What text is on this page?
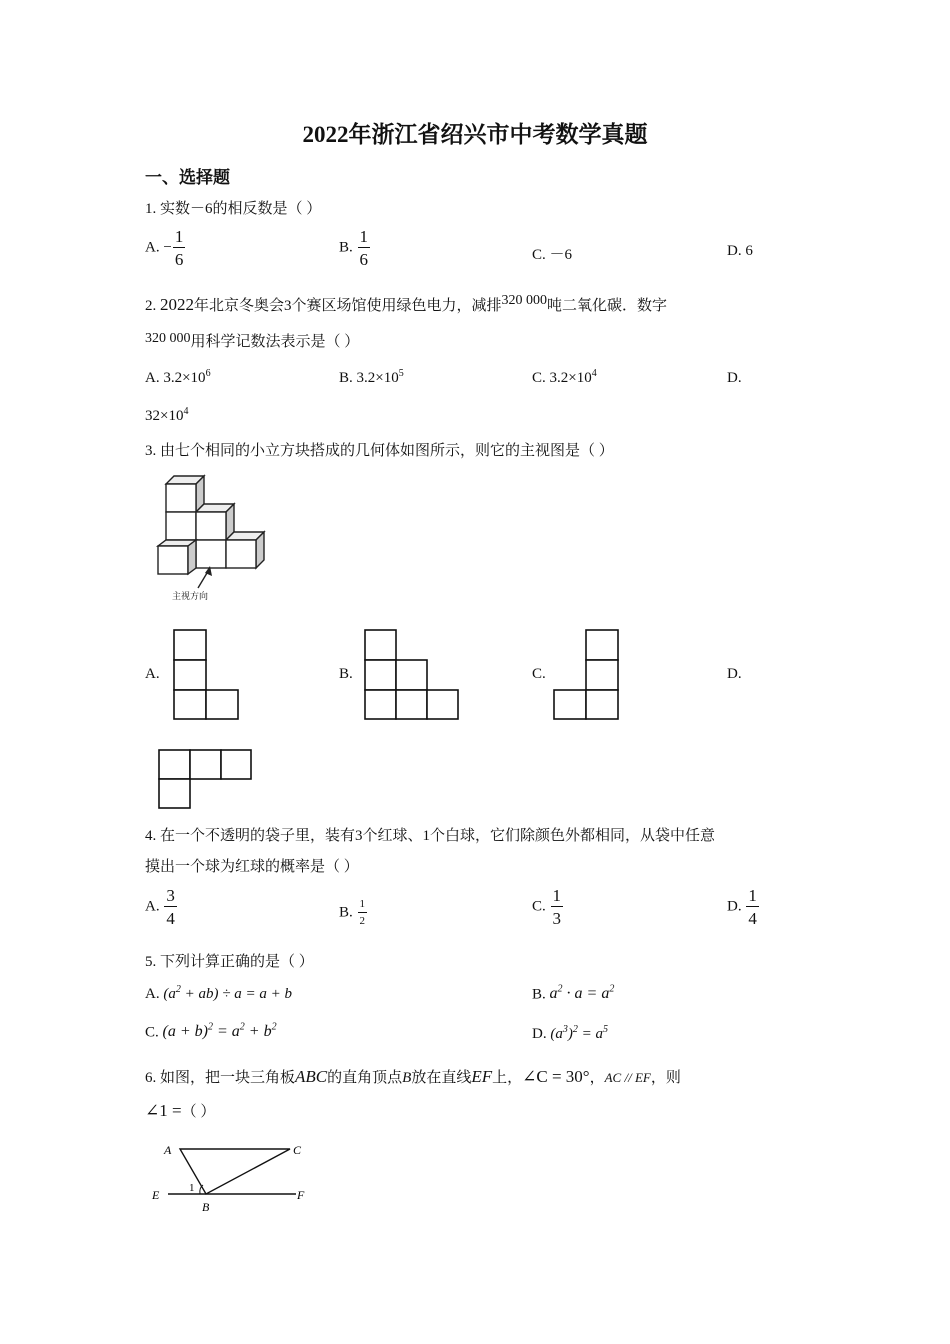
2022年浙江省绍兴市中考数学真题
一、选择题
1. 实数－6的相反数是（ ）
A. − $\frac{1}{6}$	B. $\frac{1}{6}$	C. －6	D. 6
2. 2022年北京冬奥会3个赛区场馆使用绿色电力，减排320 000吨二氧化碳．数字
320 000用科学记数法表示是（ ）
A. $3.2\times 10^6$	B. $3.2\times 10^5$	C. $3.2\times 10^4$	D.
$32\times 10^4$
3. 由七个相同的小立方块搭成的几何体如图所示，则它的主视图是（ ）
主视方向
A.	B.	C.	D.
4. 在一个不透明的袋子里，装有3个红球、1个白球，它们除颜色外都相同，从袋中任意
摸出一个球为红球的概率是（ ）
A. $\frac{3}{4}$	B. $\frac{1}{2}$	C. $\frac{1}{3}$	D. $\frac{1}{4}$
5. 下列计算正确的是（ ）
A. $(a^2 + ab) \div a = a + b$	B. $a^2 \cdot a = a^2$
C. $(a + b)^2 = a^2 + b^2$	D. $(a^3)^2 = a^5$
6. 如图，把一块三角板ABC的直角顶点B放在直线EF上，∠C = 30°，AC // EF，则
∠1 =（ ）
A	C
E	F
B
1
